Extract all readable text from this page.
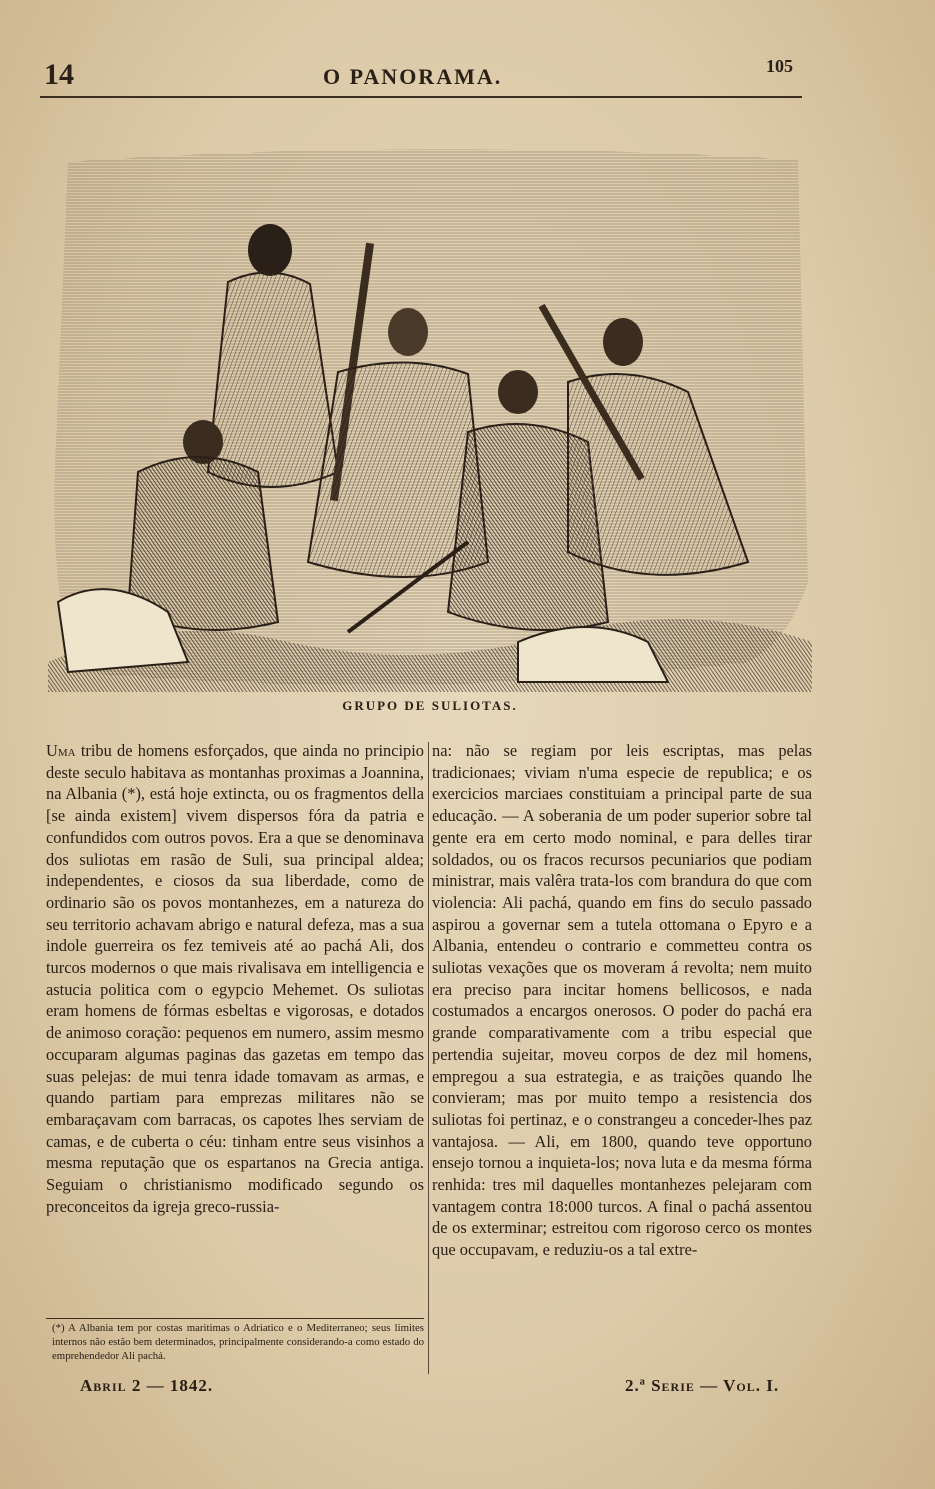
14	O PANORAMA.	105
GRUPO DE SULIOTAS.
Uma tribu de homens esforçados, que ainda no principio deste seculo habitava as montanhas proximas a Joannina, na Albania (*), está hoje extincta, ou os fragmentos della [se ainda existem] vivem dispersos fóra da patria e confundidos com outros povos. Era a que se denominava dos suliotas em rasão de Suli, sua principal aldea; independentes, e ciosos da sua liberdade, como de ordinario são os povos montanhezes, em a natureza do seu territorio achavam abrigo e natural defeza, mas a sua indole guerreira os fez temiveis até ao pachá Ali, dos turcos modernos o que mais rivalisava em intelligencia e astucia politica com o egypcio Mehemet. Os suliotas eram homens de fórmas esbeltas e vigorosas, e dotados de animoso coração: pequenos em numero, assim mesmo occuparam algumas paginas das gazetas em tempo das suas pelejas: de mui tenra idade tomavam as armas, e quando partiam para emprezas militares não se embaraçavam com barracas, os capotes lhes serviam de camas, e de cuberta o céu: tinham entre seus visinhos a mesma reputação que os espartanos na Grecia antiga. Seguiam o christianismo modificado segundo os preconceitos da igreja greco-russia-
na: não se regiam por leis escriptas, mas pelas tradicionaes; viviam n'uma especie de republica; e os exercicios marciaes constituiam a principal parte de sua educação. — A soberania de um poder superior sobre tal gente era em certo modo nominal, e para delles tirar soldados, ou os fracos recursos pecuniarios que podiam ministrar, mais valêra trata-los com brandura do que com violencia: Ali pachá, quando em fins do seculo passado aspirou a governar sem a tutela ottomana o Epyro e a Albania, entendeu o contrario e commetteu contra os suliotas vexações que os moveram á revolta; nem muito era preciso para incitar homens bellicosos, e nada costumados a encargos onerosos. O poder do pachá era grande comparativamente com a tribu especial que pertendia sujeitar, moveu corpos de dez mil homens, empregou a sua estrategia, e as traições quando lhe convieram; mas por muito tempo a resistencia dos suliotas foi pertinaz, e o constrangeu a conceder-lhes paz vantajosa. — Ali, em 1800, quando teve opportuno ensejo tornou a inquieta-los; nova luta e da mesma fórma renhida: tres mil daquelles montanhezes pelejaram com vantagem contra 18:000 turcos. A final o pachá assentou de os exterminar; estreitou com rigoroso cerco os montes que occupavam, e reduziu-os a tal extre-
(*) A Albania tem por costas maritimas o Adriatico e o Mediterraneo; seus limites internos não estão bem determinados, principalmente considerando-a como estado do emprehendedor Ali pachá.
Abril 2 — 1842.	2.ª Serie — Vol. I.
